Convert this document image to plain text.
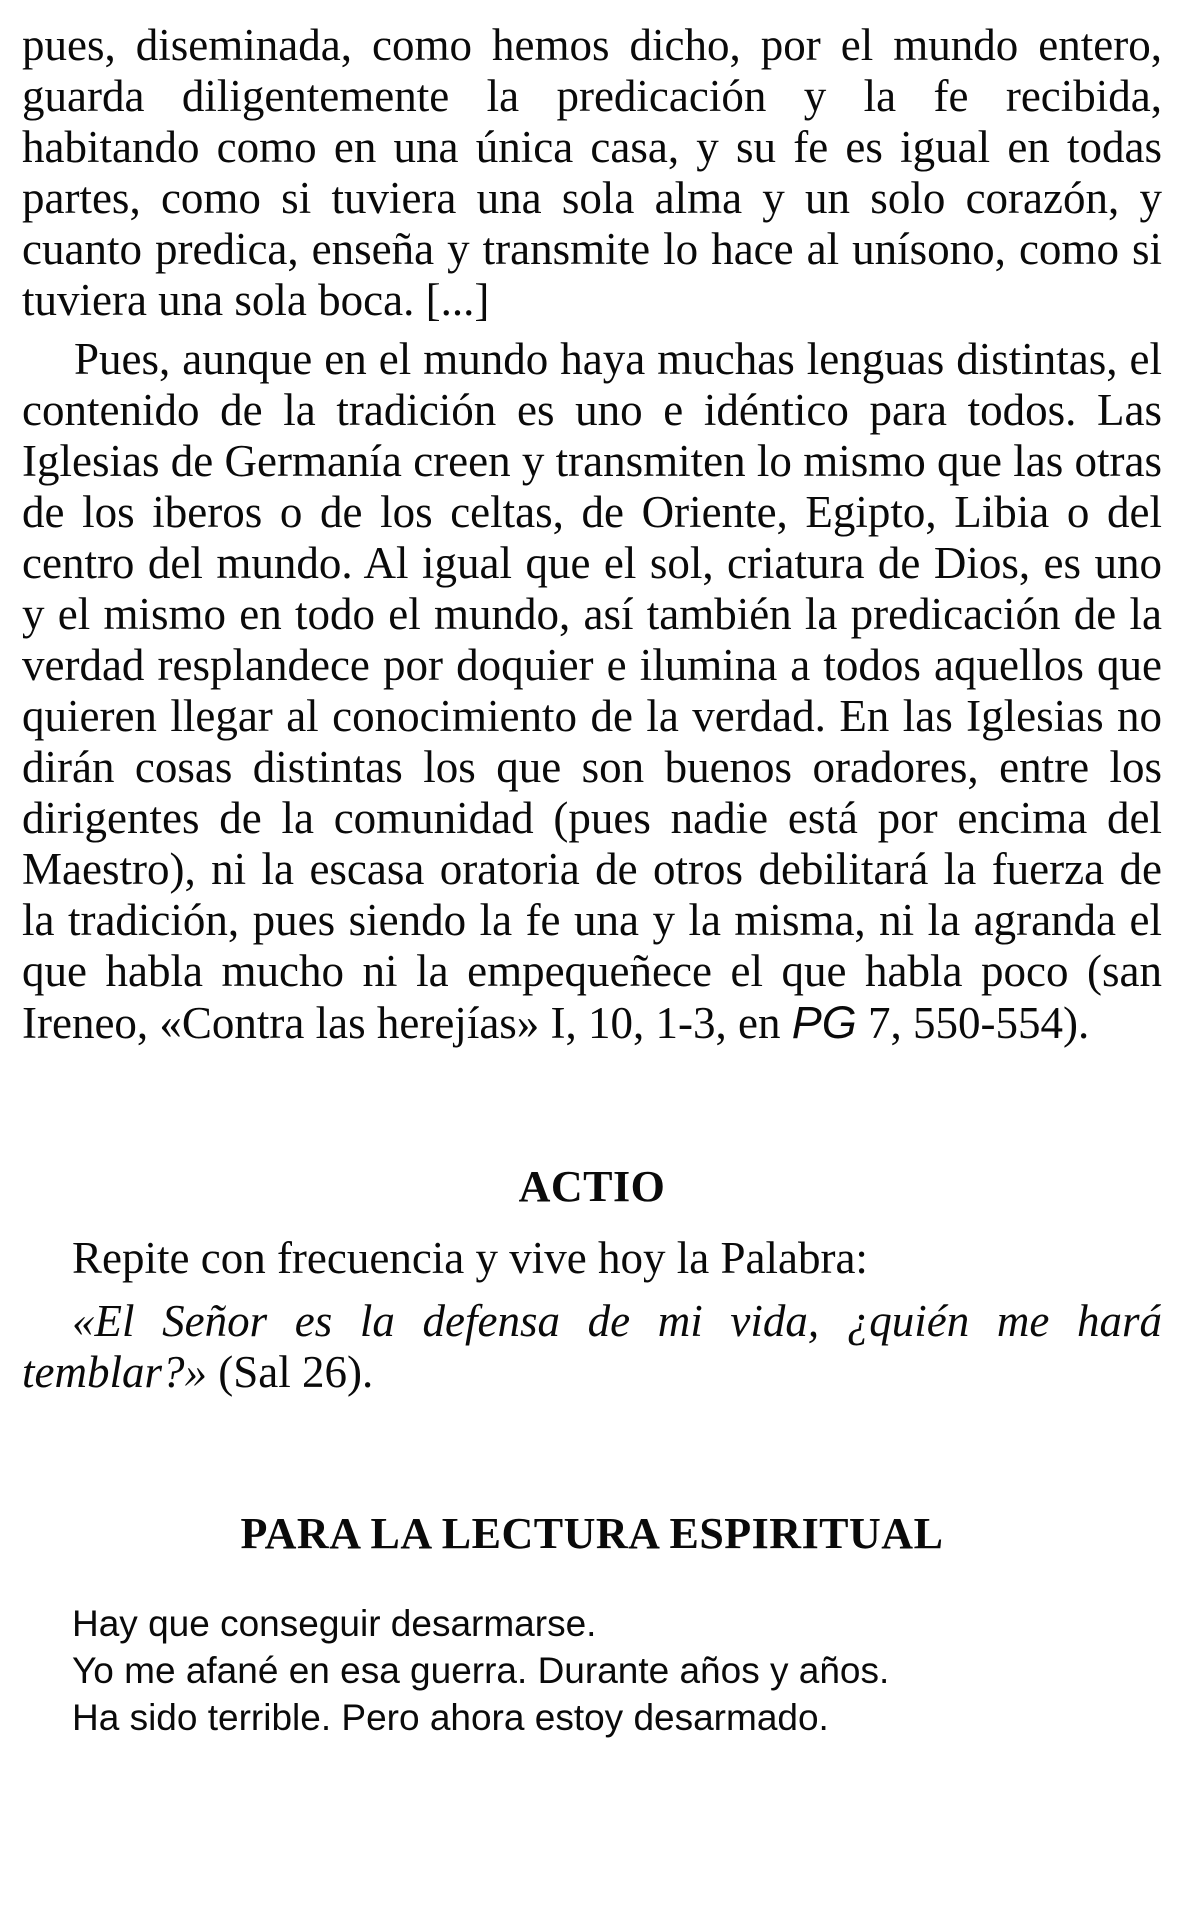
pues, diseminada, como hemos dicho, por el mundo entero, guarda diligentemente la predicación y la fe recibida, habitando como en una única casa, y su fe es igual en todas partes, como si tuviera una sola alma y un solo corazón, y cuanto predica, enseña y transmite lo hace al unísono, como si tuviera una sola boca. [...]

Pues, aunque en el mundo haya muchas lenguas distintas, el contenido de la tradición es uno e idéntico para todos. Las Iglesias de Germanía creen y transmiten lo mismo que las otras de los iberos o de los celtas, de Oriente, Egipto, Libia o del centro del mundo. Al igual que el sol, criatura de Dios, es uno y el mismo en todo el mundo, así también la predicación de la verdad resplandece por doquier e ilumina a todos aquellos que quieren llegar al conocimiento de la verdad. En las Iglesias no dirán cosas distintas los que son buenos oradores, entre los dirigentes de la comunidad (pues nadie está por encima del Maestro), ni la escasa oratoria de otros debilitará la fuerza de la tradición, pues siendo la fe una y la misma, ni la agranda el que habla mucho ni la empequeñece el que habla poco (san Ireneo, «Contra las herejías» I, 10, 1-3, en PG 7, 550-554).

ACTIO

Repite con frecuencia y vive hoy la Palabra:

«El Señor es la defensa de mi vida, ¿quién me hará temblar?» (Sal 26).

PARA LA LECTURA ESPIRITUAL
Hay que conseguir desarmarse.
Yo me afané en esa guerra. Durante años y años.
Ha sido terrible. Pero ahora estoy desarmado.
